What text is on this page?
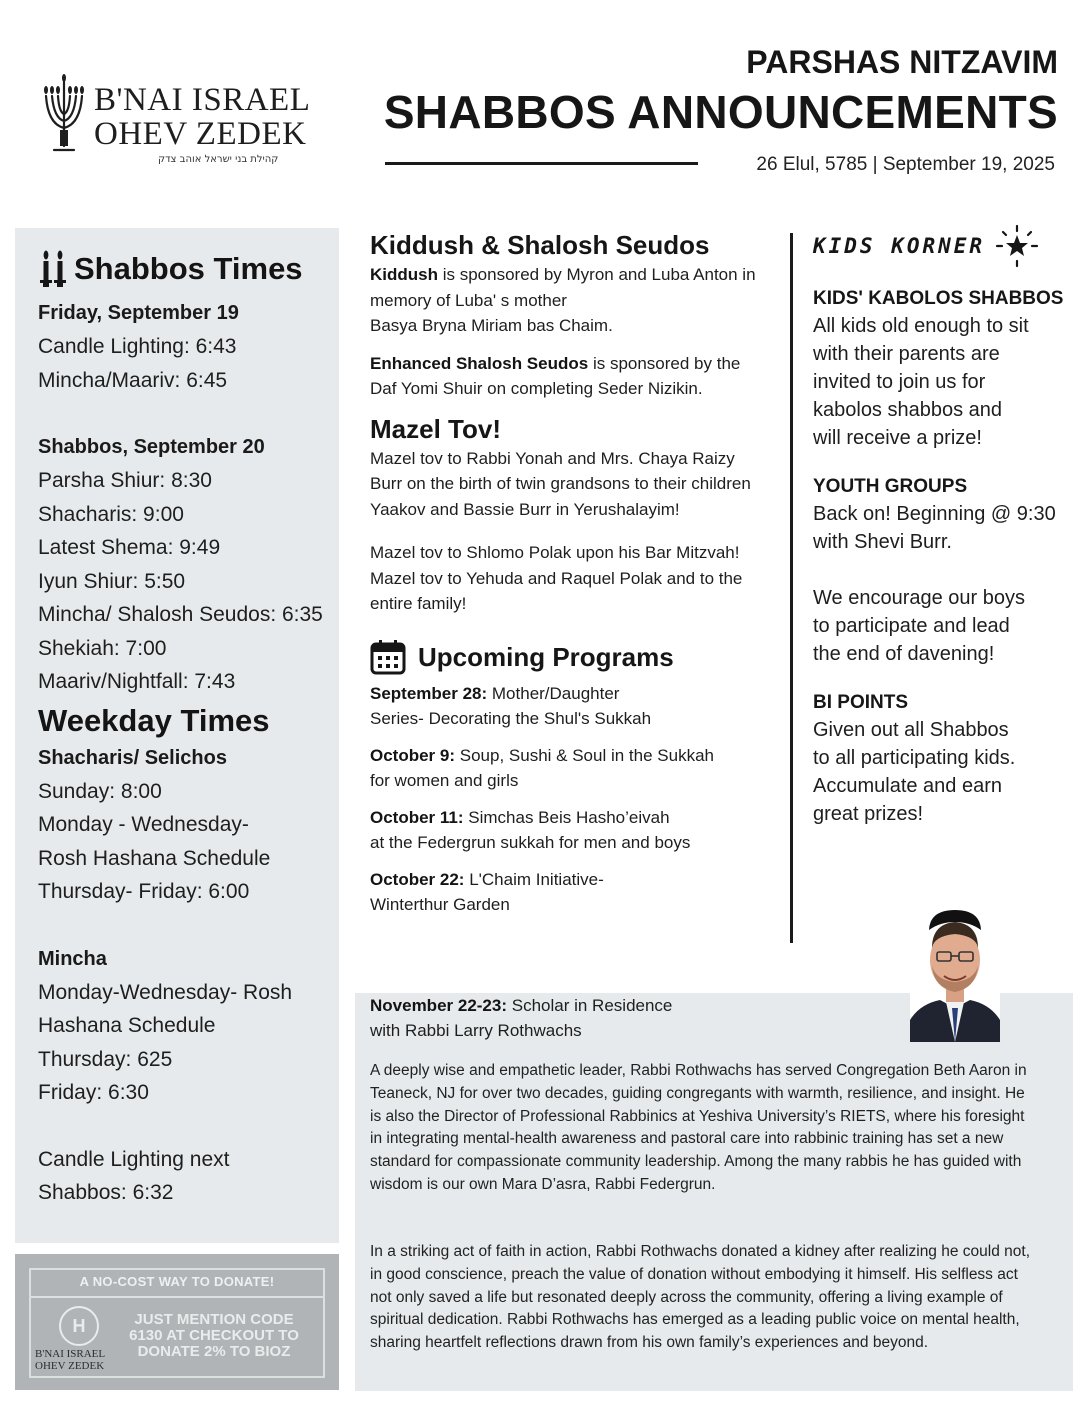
B'NAI ISRAEL
OHEV ZEDEK
קהילת בני ישראל אוהב צדק
PARSHAS NITZAVIM
SHABBOS ANNOUNCEMENTS
26 Elul, 5785 | September 19, 2025
Shabbos Times
Friday, September 19
Candle Lighting: 6:43
Mincha/Maariv: 6:45
Shabbos, September 20
Parsha Shiur: 8:30
Shacharis: 9:00
Latest Shema: 9:49
Iyun Shiur: 5:50
Mincha/ Shalosh Seudos: 6:35
Shekiah: 7:00
Maariv/Nightfall: 7:43
Weekday Times
Shacharis/ Selichos
Sunday: 8:00
Monday - Wednesday-
Rosh Hashana Schedule
Thursday- Friday: 6:00
Mincha
Monday-Wednesday- Rosh
Hashana Schedule
Thursday: 625
Friday: 6:30
Candle Lighting next
Shabbos: 6:32
A NO-COST WAY TO DONATE!
H
B'NAI ISRAEL
OHEV ZEDEK
JUST MENTION CODE 6130 AT CHECKOUT TO DONATE 2% TO BIOZ
Kiddush & Shalosh Seudos

Kiddush is sponsored by Myron and Luba Anton in memory of Luba' s mother
Basya Bryna Miriam bas Chaim.

Enhanced Shalosh Seudos is sponsored by the Daf Yomi Shuir on completing Seder Nizikin.

Mazel Tov!

Mazel tov to Rabbi Yonah and Mrs. Chaya Raizy Burr on the birth of twin grandsons to their children Yaakov and Bassie Burr in Yerushalayim!

Mazel tov to Shlomo Polak upon his Bar Mitzvah! Mazel tov to Yehuda and Raquel Polak and to the entire family!

Upcoming Programs
September 28: Mother/Daughter
Series- Decorating the Shul's Sukkah
October 9: Soup, Sushi & Soul in the Sukkah
for women and girls
October 11: Simchas Beis Hasho’eivah
at the Federgrun sukkah for men and boys
October 22: L'Chaim Initiative-
Winterthur Garden
KIDS KORNER
KIDS' KABOLOS SHABBOS
All kids old enough to sit
with their parents are
invited to join us for
kabolos shabbos and
will receive a prize!
YOUTH GROUPS
Back on! Beginning @ 9:30
with Shevi Burr.
We encourage our boys
to participate and lead
the end of davening!
BI POINTS
Given out all Shabbos
to all participating kids.
Accumulate and earn
great prizes!
November 22-23: Scholar in Residence
with Rabbi Larry Rothwachs

A deeply wise and empathetic leader, Rabbi Rothwachs has served Congregation Beth Aaron in Teaneck, NJ for over two decades, guiding congregants with warmth, resilience, and insight. He is also the Director of Professional Rabbinics at Yeshiva University’s RIETS, where his foresight in integrating mental-health awareness and pastoral care into rabbinic training has set a new standard for compassionate community leadership. Among the many rabbis he has guided with wisdom is our own Mara D’asra, Rabbi Federgrun.

In a striking act of faith in action, Rabbi Rothwachs donated a kidney after realizing he could not, in good conscience, preach the value of donation without embodying it himself. His selfless act not only saved a life but resonated deeply across the community, offering a living example of spiritual dedication. Rabbi Rothwachs has emerged as a leading public voice on mental health, sharing heartfelt reflections drawn from his own family’s experiences and beyond.
